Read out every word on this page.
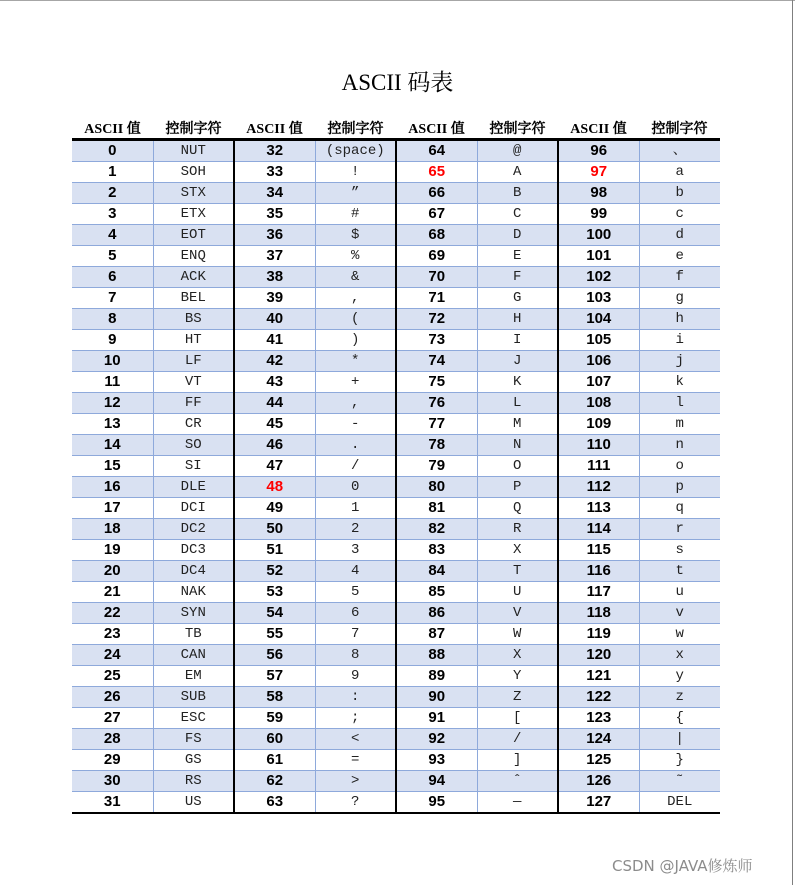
ASCII 码表
ASCII 值	控制字符	ASCII 值	控制字符	ASCII 值	控制字符	ASCII 值	控制字符
0	NUT	32	(space)	64	@	96	、
1	SOH	33	!	65	A	97	a
2	STX	34	”	66	B	98	b
3	ETX	35	#	67	C	99	c
4	EOT	36	$	68	D	100	d
5	ENQ	37	%	69	E	101	e
6	ACK	38	&	70	F	102	f
7	BEL	39	,	71	G	103	g
8	BS	40	(	72	H	104	h
9	HT	41	)	73	I	105	i
10	LF	42	*	74	J	106	j
11	VT	43	+	75	K	107	k
12	FF	44	,	76	L	108	l
13	CR	45	-	77	M	109	m
14	SO	46	.	78	N	110	n
15	SI	47	/	79	O	111	o
16	DLE	48	0	80	P	112	p
17	DCI	49	1	81	Q	113	q
18	DC2	50	2	82	R	114	r
19	DC3	51	3	83	X	115	s
20	DC4	52	4	84	T	116	t
21	NAK	53	5	85	U	117	u
22	SYN	54	6	86	V	118	v
23	TB	55	7	87	W	119	w
24	CAN	56	8	88	X	120	x
25	EM	57	9	89	Y	121	y
26	SUB	58	:	90	Z	122	z
27	ESC	59	;	91	[	123	{
28	FS	60	<	92	/	124	|
29	GS	61	=	93	]	125	}
30	RS	62	>	94	ˆ	126	˜
31	US	63	?	95	—	127	DEL
CSDN @JAVA修炼师
